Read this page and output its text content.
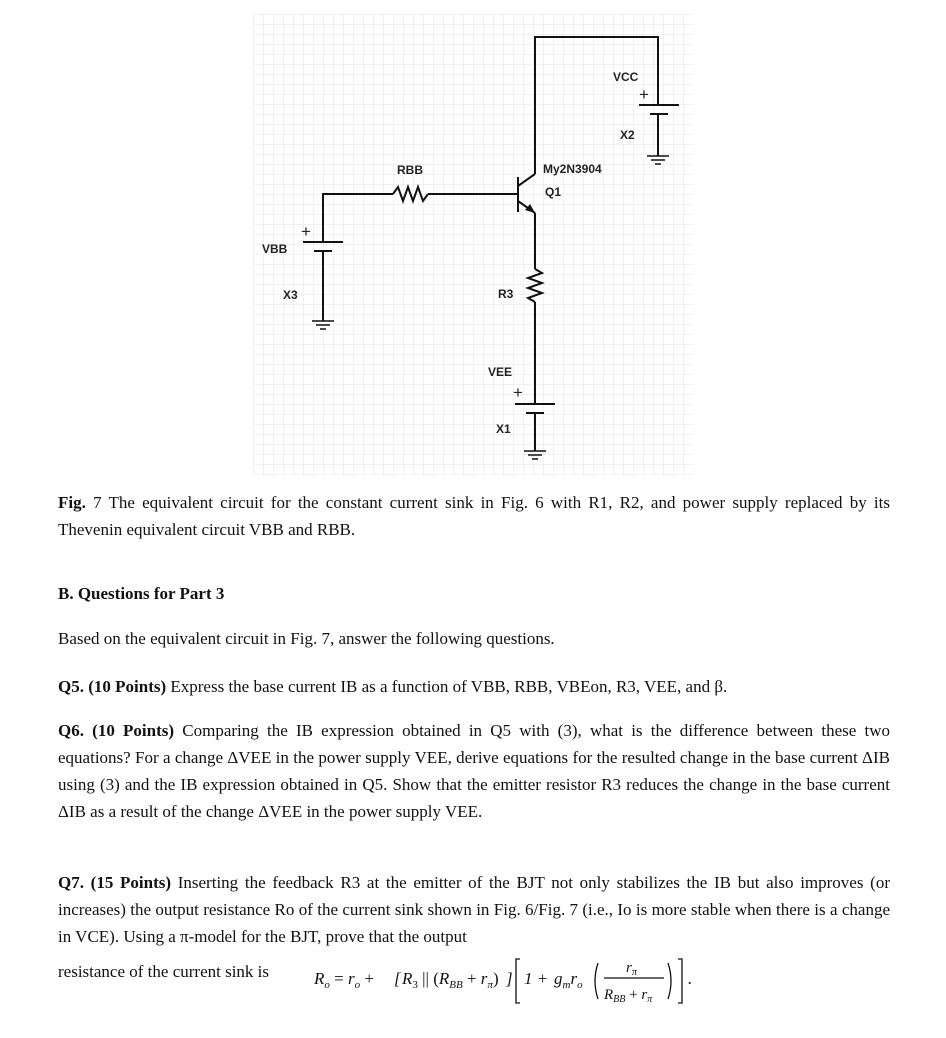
VCC
+
X2
RBB	My2N3904
Q1
+
VBB
X3	R3
VEE
+
X1
Fig. 7 The equivalent circuit for the constant current sink in Fig. 6 with R1, R2, and power supply replaced by its Thevenin equivalent circuit VBB and RBB.
B. Questions for Part 3
Based on the equivalent circuit in Fig. 7, answer the following questions.
Q5. (10 Points) Express the base current IB as a function of VBB, RBB, VBEon, R3, VEE, and β.
Q6. (10 Points) Comparing the IB expression obtained in Q5 with (3), what is the difference between these two equations? For a change ΔVEE in the power supply VEE, derive equations for the resulted change in the base current ΔIB using (3) and the IB expression obtained in Q5. Show that the emitter resistor R3 reduces the change in the base current ΔIB as a result of the change ΔVEE in the power supply VEE.
Q7. (15 Points) Inserting the feedback R3 at the emitter of the BJT not only stabilizes the IB but also improves (or increases) the output resistance Ro of the current sink shown in Fig. 6/Fig. 7 (i.e., Io is more stable when there is a change in VCE). Using a π-model for the BJT, prove that the output
resistance of the current sink is	$R_o = r_o$ + [ $R_3$ || $(R_{BB} + r_\pi)$ ] $1 + g_mr_o$
$r_\pi$
$R_{BB} + r_\pi$
.
